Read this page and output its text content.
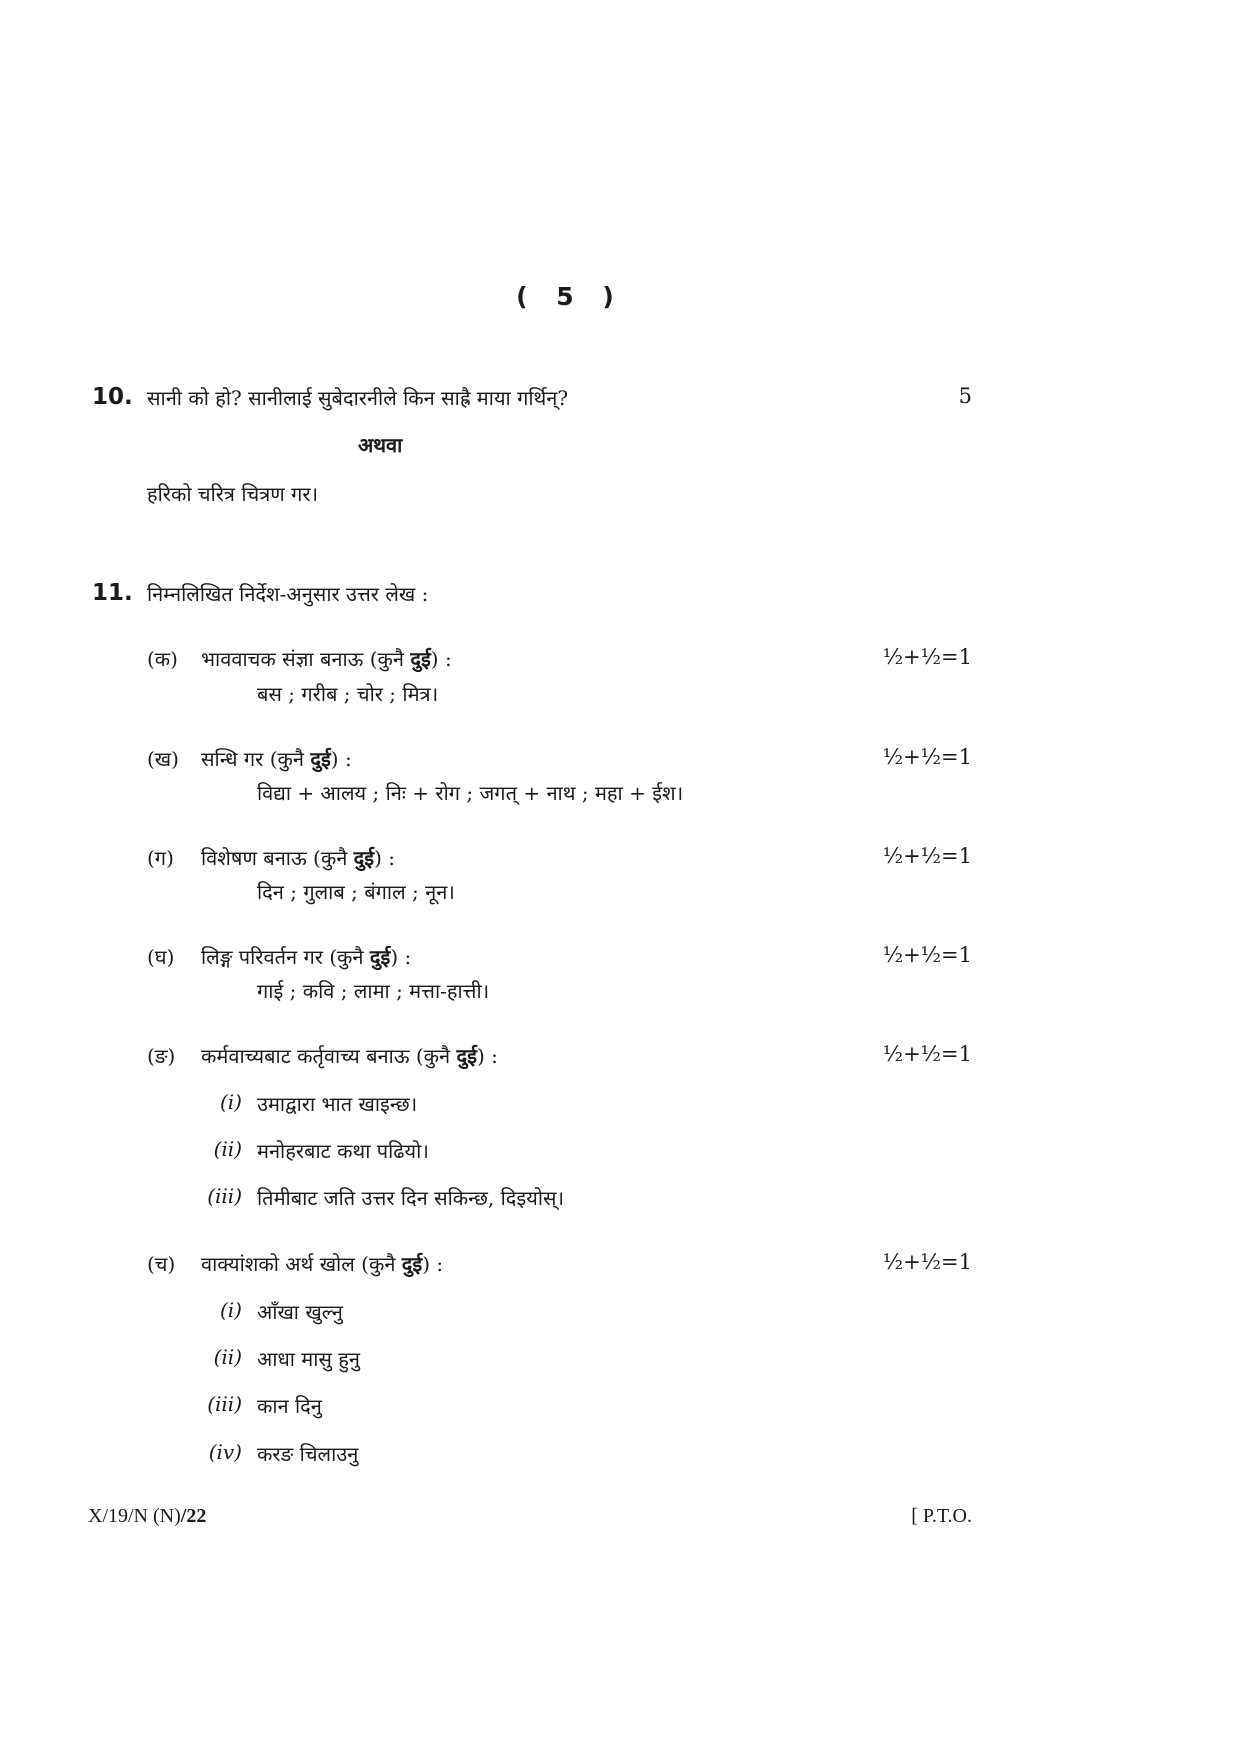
( 5 )
10. सानी को हो? सानीलाई सुबेदारनीले किन साह्रै माया गर्थिन्?	5
अथवा
हरिको चरित्र चित्रण गर।
11. निम्नलिखित निर्देश-अनुसार उत्तर लेख :
(क) भाववाचक संज्ञा बनाऊ (कुनै दुई) :	½+½=1
बस ; गरीब ; चोर ; मित्र।
(ख) सन्धि गर (कुनै दुई) :	½+½=1
विद्या + आलय ; निः + रोग ; जगत् + नाथ ; महा + ईश।
(ग) विशेषण बनाऊ (कुनै दुई) :	½+½=1
दिन ; गुलाब ; बंगाल ; नून।
(घ) लिङ्ग परिवर्तन गर (कुनै दुई) :	½+½=1
गाई ; कवि ; लामा ; मत्ता-हात्ती।
(ङ) कर्मवाच्यबाट कर्तृवाच्य बनाऊ (कुनै दुई) :	½+½=1
(i) उमाद्वारा भात खाइन्छ।
(ii) मनोहरबाट कथा पढियो।
(iii) तिमीबाट जति उत्तर दिन सकिन्छ, दिइयोस्।
(च) वाक्यांशको अर्थ खोल (कुनै दुई) :	½+½=1
(i) आँखा खुल्नु
(ii) आधा मासु हुनु
(iii) कान दिनु
(iv) करङ चिलाउनु
X/19/N (N)/22	[ P.T.O.
